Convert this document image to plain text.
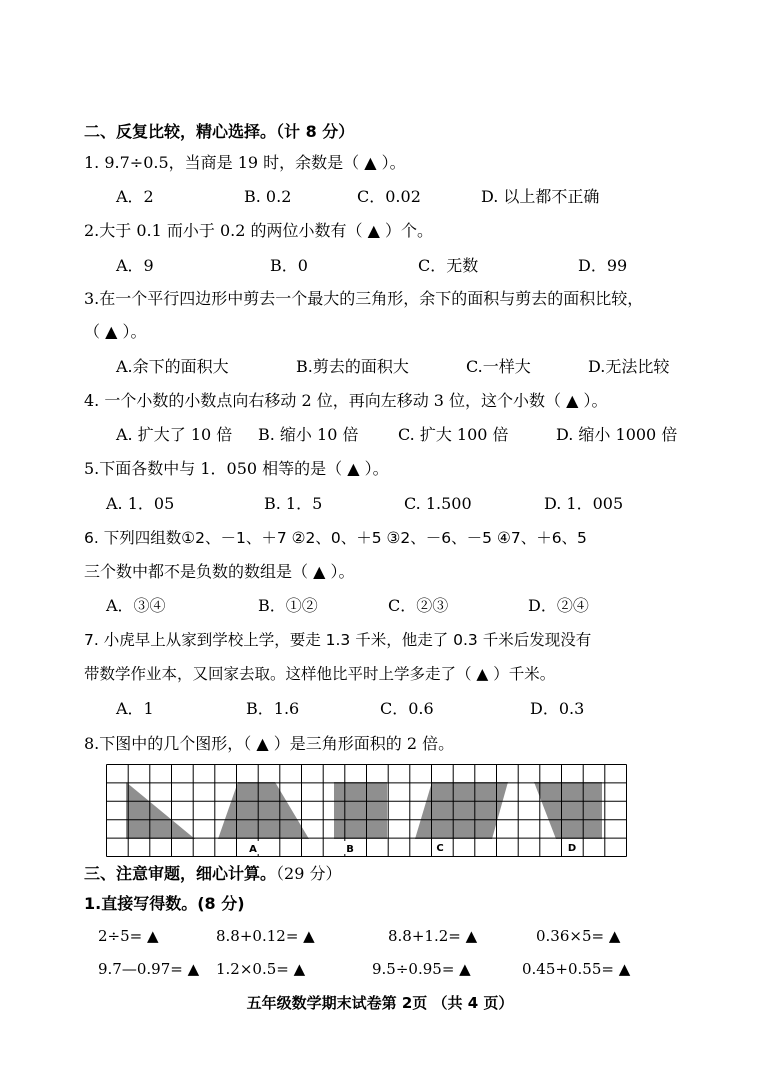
二、反复比较，精心选择。（计 8 分）
1. 9.7÷0.5，当商是 19 时，余数是（ ▲ ）。
A．2	B. 0.2	C．0.02	D. 以上都不正确
2.大于 0.1 而小于 0.2 的两位小数有（ ▲ ）个。
A．9	B．0	C．无数	D．99
3.在一个平行四边形中剪去一个最大的三角形，余下的面积与剪去的面积比较，
（ ▲ ）。
A.余下的面积大	B.剪去的面积大	C.一样大	D.无法比较
4. 一个小数的小数点向右移动 2 位，再向左移动 3 位，这个小数（ ▲ ）。
A. 扩大了 10 倍 B. 缩小 10 倍 C. 扩大 100 倍	D. 缩小 1000 倍
5.下面各数中与 1．050 相等的是（ ▲ ）。
A. 1．05	B. 1．5	C. 1.500	D. 1．005
6. 下列四组数①2、－1、＋7 ②2、0、＋5 ③2、－6、－5 ④7、＋6、5
三个数中都不是负数的数组是（ ▲ ）。
A．③④	B．①②	C．②③	D．②④
7. 小虎早上从家到学校上学，要走 1.3 千米，他走了 0.3 千米后发现没有
带数学作业本，又回家去取。这样他比平时上学多走了（ ▲ ）千米。
A．1	B．1.6	C．0.6	D．0.3
8.下图中的几个图形，（ ▲ ）是三角形面积的 2 倍。
A	B	C	D
三、注意审题，细心计算。（29 分）
1.直接写得数。(8 分)
2÷5= ▲	8.8+0.12= ▲	8.8+1.2= ▲	0.36×5= ▲
9.7—0.97= ▲ 1.2×0.5= ▲	9.5÷0.95= ▲	0.45+0.55= ▲
五年级数学期末试卷第 2页 （共 4 页）
